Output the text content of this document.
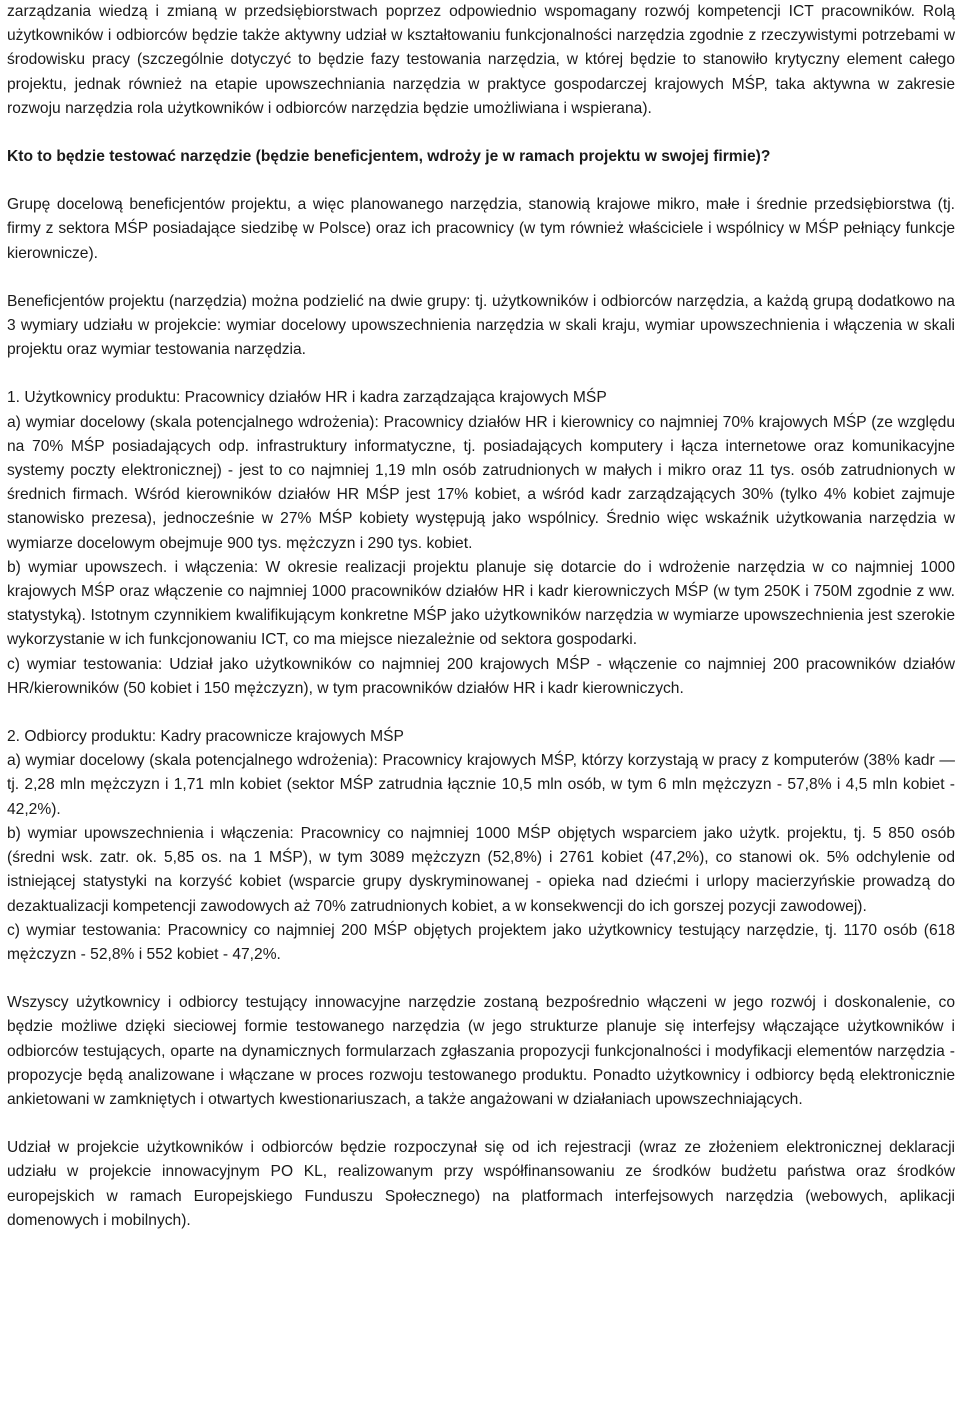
zarządzania wiedzą i zmianą w przedsiębiorstwach poprzez odpowiednio wspomagany rozwój kompetencji ICT pracowników. Rolą użytkowników i odbiorców będzie także aktywny udział w kształtowaniu funkcjonalności narzędzia zgodnie z rzeczywistymi potrzebami w środowisku pracy (szczególnie dotyczyć to będzie fazy testowania narzędzia, w której będzie to stanowiło krytyczny element całego projektu, jednak również na etapie upowszechniania narzędzia w praktyce gospodarczej krajowych MŚP, taka aktywna w zakresie rozwoju narzędzia rola użytkowników i odbiorców narzędzia będzie umożliwiana i wspierana).

Kto to będzie testować narzędzie (będzie beneficjentem, wdroży je w ramach projektu w swojej firmie)?

Grupę docelową beneficjentów projektu, a więc planowanego narzędzia, stanowią krajowe mikro, małe i średnie przedsiębiorstwa (tj. firmy z sektora MŚP posiadające siedzibę w Polsce) oraz ich pracownicy (w tym również właściciele i wspólnicy w MŚP pełniący funkcje kierownicze).

Beneficjentów projektu (narzędzia) można podzielić na dwie grupy: tj. użytkowników i odbiorców narzędzia, a każdą grupą dodatkowo na 3 wymiary udziału w projekcie: wymiar docelowy upowszechnienia narzędzia w skali kraju, wymiar upowszechnienia i włączenia w skali projektu oraz wymiar testowania narzędzia.

1. Użytkownicy produktu: Pracownicy działów HR i kadra zarządzająca krajowych MŚP

a) wymiar docelowy (skala potencjalnego wdrożenia): Pracownicy działów HR i kierownicy co najmniej 70% krajowych MŚP (ze względu na 70% MŚP posiadających odp. infrastruktury informatyczne, tj. posiadających komputery i łącza internetowe oraz komunikacyjne systemy poczty elektronicznej) - jest to co najmniej 1,19 mln osób zatrudnionych w małych i mikro oraz 11 tys. osób zatrudnionych w średnich firmach. Wśród kierowników działów HR MŚP jest 17% kobiet, a wśród kadr zarządzających 30% (tylko 4% kobiet zajmuje stanowisko prezesa), jednocześnie w 27% MŚP kobiety występują jako wspólnicy. Średnio więc wskaźnik użytkowania narzędzia w wymiarze docelowym obejmuje 900 tys. mężczyzn i 290 tys. kobiet.

b) wymiar upowszech. i włączenia: W okresie realizacji projektu planuje się dotarcie do i wdrożenie narzędzia w co najmniej 1000 krajowych MŚP oraz włączenie co najmniej 1000 pracowników działów HR i kadr kierowniczych MŚP (w tym 250K i 750M zgodnie z ww. statystyką). Istotnym czynnikiem kwalifikującym konkretne MŚP jako użytkowników narzędzia w wymiarze upowszechnienia jest szerokie wykorzystanie w ich funkcjonowaniu ICT, co ma miejsce niezależnie od sektora gospodarki.

c) wymiar testowania: Udział jako użytkowników co najmniej 200 krajowych MŚP - włączenie co najmniej 200 pracowników działów HR/kierowników (50 kobiet i 150 mężczyzn), w tym pracowników działów HR i kadr kierowniczych.

2. Odbiorcy produktu: Kadry pracownicze krajowych MŚP

a) wymiar docelowy (skala potencjalnego wdrożenia): Pracownicy krajowych MŚP, którzy korzystają w pracy z komputerów (38% kadr — tj. 2,28 mln mężczyzn i 1,71 mln kobiet (sektor MŚP zatrudnia łącznie 10,5 mln osób, w tym 6 mln mężczyzn - 57,8% i 4,5 mln kobiet - 42,2%).

b) wymiar upowszechnienia i włączenia: Pracownicy co najmniej 1000 MŚP objętych wsparciem jako użytk. projektu, tj. 5 850 osób (średni wsk. zatr. ok. 5,85 os. na 1 MŚP), w tym 3089 mężczyzn (52,8%) i 2761 kobiet (47,2%), co stanowi ok. 5% odchylenie od istniejącej statystyki na korzyść kobiet (wsparcie grupy dyskryminowanej - opieka nad dziećmi i urlopy macierzyńskie prowadzą do dezaktualizacji kompetencji zawodowych aż 70% zatrudnionych kobiet, a w konsekwencji do ich gorszej pozycji zawodowej).

c) wymiar testowania: Pracownicy co najmniej 200 MŚP objętych projektem jako użytkownicy testujący narzędzie, tj. 1170 osób (618 mężczyzn - 52,8% i 552 kobiet - 47,2%.

Wszyscy użytkownicy i odbiorcy testujący innowacyjne narzędzie zostaną bezpośrednio włączeni w jego rozwój i doskonalenie, co będzie możliwe dzięki sieciowej formie testowanego narzędzia (w jego strukturze planuje się interfejsy włączające użytkowników i odbiorców testujących, oparte na dynamicznych formularzach zgłaszania propozycji funkcjonalności i modyfikacji elementów narzędzia - propozycje będą analizowane i włączane w proces rozwoju testowanego produktu. Ponadto użytkownicy i odbiorcy będą elektronicznie ankietowani w zamkniętych i otwartych kwestionariuszach, a także angażowani w działaniach upowszechniających.

Udział w projekcie użytkowników i odbiorców będzie rozpoczynał się od ich rejestracji (wraz ze złożeniem elektronicznej deklaracji udziału w projekcie innowacyjnym PO KL, realizowanym przy współfinansowaniu ze środków budżetu państwa oraz środków europejskich w ramach Europejskiego Funduszu Społecznego) na platformach interfejsowych narzędzia (webowych, aplikacji domenowych i mobilnych).
